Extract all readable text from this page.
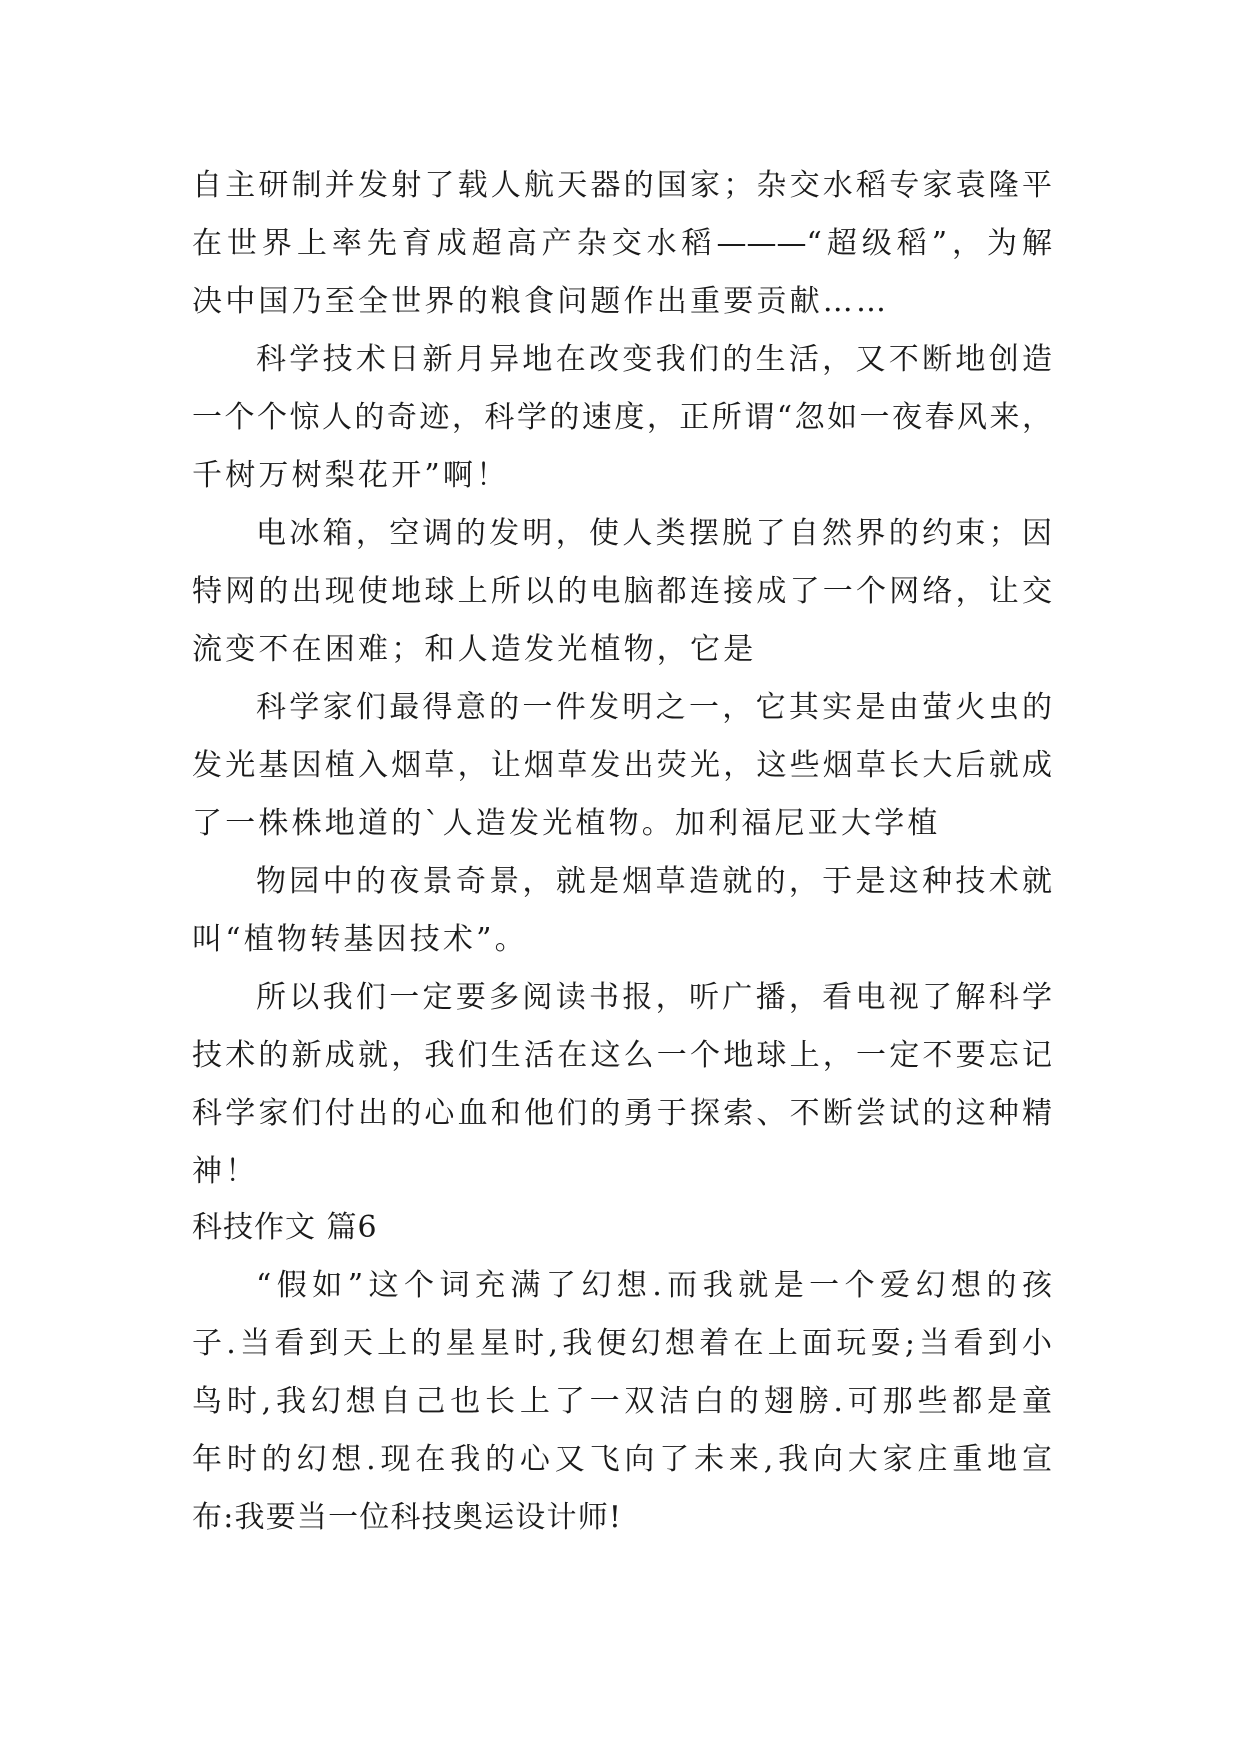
自主研制并发射了载人航天器的国家；杂交水稻专家袁隆平
在世界上率先育成超高产杂交水稻———“超级稻”，为解
决中国乃至全世界的粮食问题作出重要贡献……
科学技术日新月异地在改变我们的生活，又不断地创造
一个个惊人的奇迹，科学的速度，正所谓“忽如一夜春风来，
千树万树梨花开”啊！
电冰箱，空调的发明，使人类摆脱了自然界的约束；因
特网的出现使地球上所以的电脑都连接成了一个网络，让交
流变不在困难；和人造发光植物，它是
科学家们最得意的一件发明之一，它其实是由萤火虫的
发光基因植入烟草，让烟草发出荧光，这些烟草长大后就成
了一株株地道的`人造发光植物。加利福尼亚大学植
物园中的夜景奇景，就是烟草造就的，于是这种技术就
叫“植物转基因技术”。
所以我们一定要多阅读书报，听广播，看电视了解科学
技术的新成就，我们生活在这么一个地球上，一定不要忘记
科学家们付出的心血和他们的勇于探索、不断尝试的这种精
神！
科技作文 篇6
“假如”这个词充满了幻想.而我就是一个爱幻想的孩
子.当看到天上的星星时,我便幻想着在上面玩耍;当看到小
鸟时,我幻想自己也长上了一双洁白的翅膀.可那些都是童
年时的幻想.现在我的心又飞向了未来,我向大家庄重地宣
布:我要当一位科技奥运设计师!
